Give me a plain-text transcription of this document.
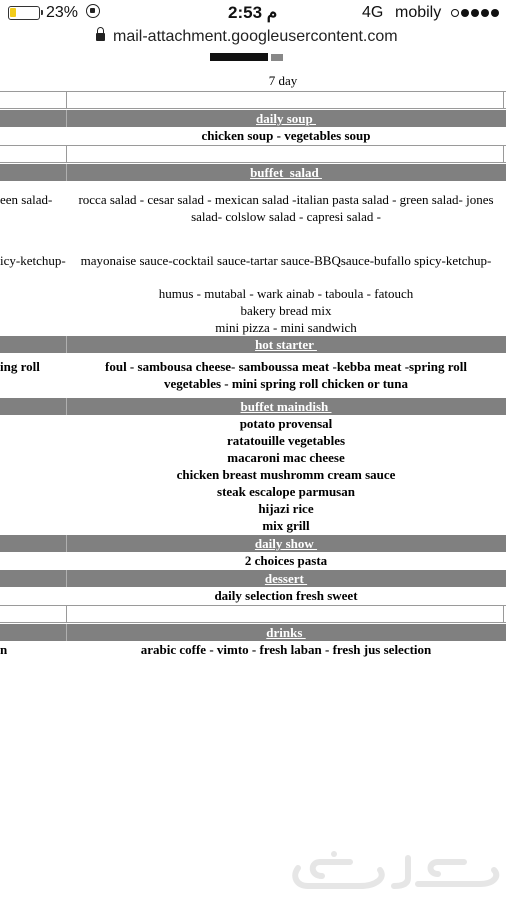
23%	2:53 م	4G mobily
mail-attachment.googleusercontent.com
7 day
daily soup
chicken soup - vegetables soup
buffet  salad
een salad-	rocca salad - cesar salad - mexican salad -italian pasta salad - green salad- jones
salad- colslow salad - capresi salad -
icy-ketchup-	mayonaise sauce-cocktail sauce-tartar sauce-BBQsauce-bufallo spicy-ketchup-
humus - mutabal - wark ainab - taboula - fatouch
bakery bread mix
mini pizza - mini sandwich
hot starter
ing roll	foul - sambousa cheese- samboussa meat -kebba meat -spring roll
vegetables - mini spring roll chicken or tuna
buffet maindish
potato provensal
ratatouille vegetables
macaroni mac cheese
chicken breast mushromm cream sauce
steak escalope parmusan
hijazi rice
mix grill
daily show
2 choices pasta
dessert
daily selection fresh sweet
drinks
n	arabic coffe - vimto - fresh laban - fresh jus selection
